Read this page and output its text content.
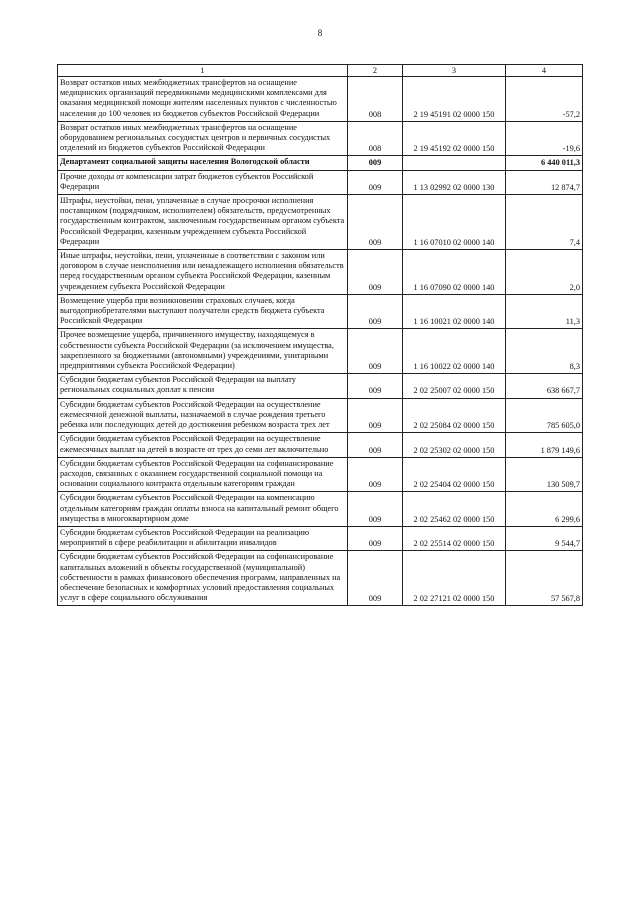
8
1	2	3	4

Возврат остатков иных межбюджетных трансфертов на оснащение медицинских организаций передвижными медицинскими комплексами для оказания медицинской помощи жителям населенных пунктов с численностью населения до 100 человек из бюджетов субъектов Российской Федерации	008	2 19 45191 02 0000 150	-57,2

Возврат остатков иных межбюджетных трансфертов на оснащение оборудованием региональных сосудистых центров и первичных сосудистых отделений из бюджетов субъектов Российской Федерации	008	2 19 45192 02 0000 150	-19,6

Департамент социальной защиты населения Вологодской области	009		6 440 011,3

Прочие доходы от компенсации затрат бюджетов субъектов Российской Федерации	009	1 13 02992 02 0000 130	12 874,7

Штрафы, неустойки, пени, уплаченные в случае просрочки исполнения поставщиком (подрядчиком, исполнителем) обязательств, предусмотренных государственным контрактом, заключенным государственным органом субъекта Российской Федерации, казенным учреждением субъекта Российской Федерации	009	1 16 07010 02 0000 140	7,4

Иные штрафы, неустойки, пени, уплаченные в соответствии с законом или договором в случае неисполнения или ненадлежащего исполнения обязательств перед государственным органом субъекта Российской Федерации, казенным учреждением субъекта Российской Федерации	009	1 16 07090 02 0000 140	2,0

Возмещение ущерба при возникновении страховых случаев, когда выгодоприобретателями выступают получатели средств бюджета субъекта Российской Федерации	009	1 16 10021 02 0000 140	11,3

Прочее возмещение ущерба, причиненного имуществу, находящемуся в собственности субъекта Российской Федерации (за исключением имущества, закрепленного за бюджетными (автономными) учреждениями, унитарными предприятиями субъекта Российской Федерации)	009	1 16 10022 02 0000 140	8,3

Субсидии бюджетам субъектов Российской Федерации на выплату региональных социальных доплат к пенсии	009	2 02 25007 02 0000 150	638 667,7

Субсидии бюджетам субъектов Российской Федерации на осуществление ежемесячной денежной выплаты, назначаемой в случае рождения третьего ребенка или последующих детей до достижения ребенком возраста трех лет	009	2 02 25084 02 0000 150	785 605,0

Субсидии бюджетам субъектов Российской Федерации на осуществление ежемесячных выплат на детей в возрасте от трех до семи лет включительно	009	2 02 25302 02 0000 150	1 879 149,6

Субсидии бюджетам субъектов Российской Федерации на софинансирование расходов, связанных с оказанием государственной социальной помощи на основании социального контракта отдельным категориям граждан	009	2 02 25404 02 0000 150	130 509,7

Субсидии бюджетам субъектов Российской Федерации на компенсацию отдельным категориям граждан оплаты взноса на капитальный ремонт общего имущества в многоквартирном доме	009	2 02 25462 02 0000 150	6 299,6

Субсидии бюджетам субъектов Российской Федерации на реализацию мероприятий в сфере реабилитации и абилитации инвалидов	009	2 02 25514 02 0000 150	9 544,7

Субсидии бюджетам субъектов Российской Федерации на софинансирование капитальных вложений в объекты государственной (муниципальной) собственности в рамках финансового обеспечения программ, направленных на обеспечение безопасных и комфортных условий предоставления социальных услуг в сфере социального обслуживания	009	2 02 27121 02 0000 150	57 567,8
